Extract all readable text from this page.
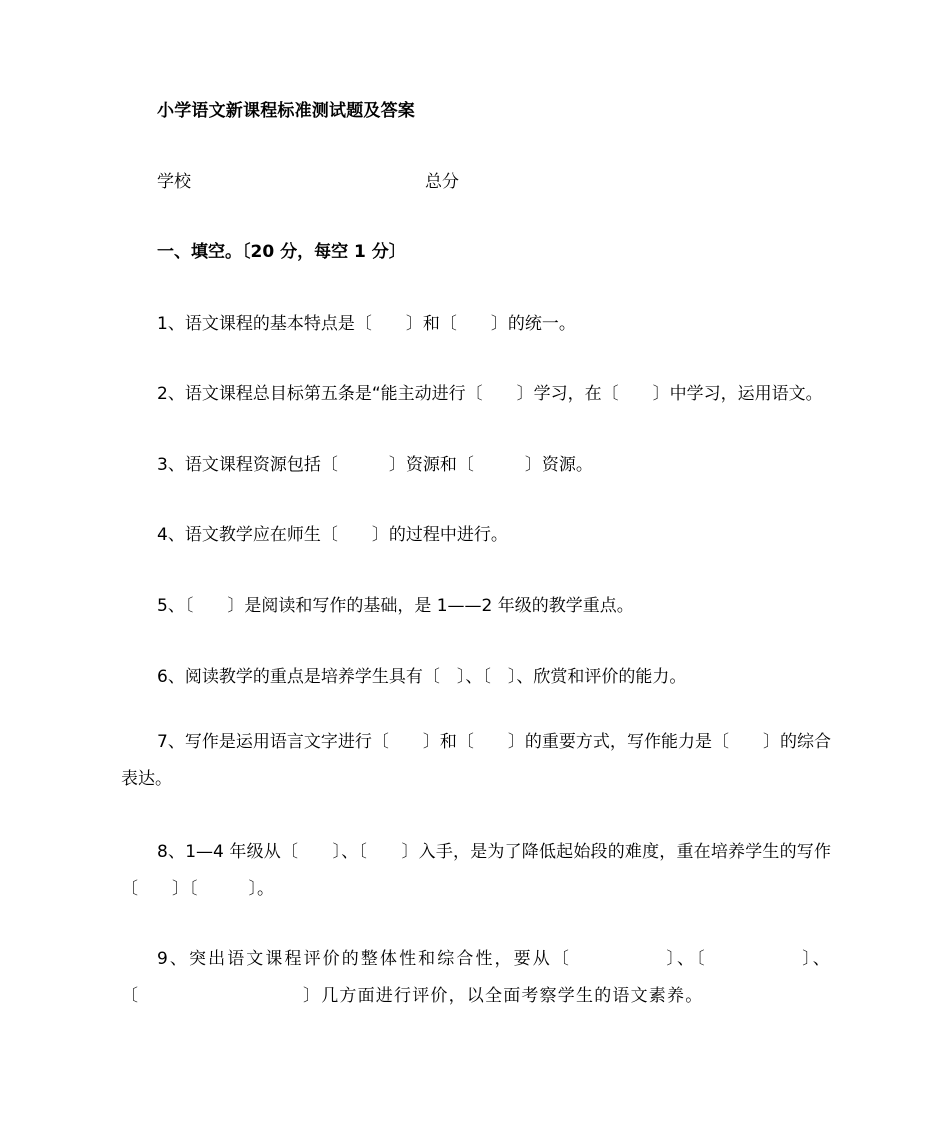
小学语文新课程标准测试题及答案
学校	总分
一、填空。〔20 分，每空 1 分〕
1、语文课程的基本特点是〔　　〕和〔　　〕的统一。
2、语文课程总目标第五条是“能主动进行〔　　〕学习，在〔　　〕中学习，运用语文。
3、语文课程资源包括〔　　　〕资源和〔　　　〕资源。
4、语文教学应在师生〔　　〕的过程中进行。
5、〔　　〕是阅读和写作的基础，是 1——2 年级的教学重点。
6、阅读教学的重点是培养学生具有〔　〕、〔　〕、欣赏和评价的能力。
7、写作是运用语言文字进行〔　　〕和〔　　〕的重要方式，写作能力是〔　　〕的综合表达。
8、1—4 年级从〔　　〕、〔　　〕入手，是为了降低起始段的难度，重在培养学生的写作〔　　〕〔　　　〕。
9、突出语文课程评价的整体性和综合性，要从〔　　　　　〕、〔　　　　　〕、〔　　　　　　　　　〕几方面进行评价，以全面考察学生的语文素养。
